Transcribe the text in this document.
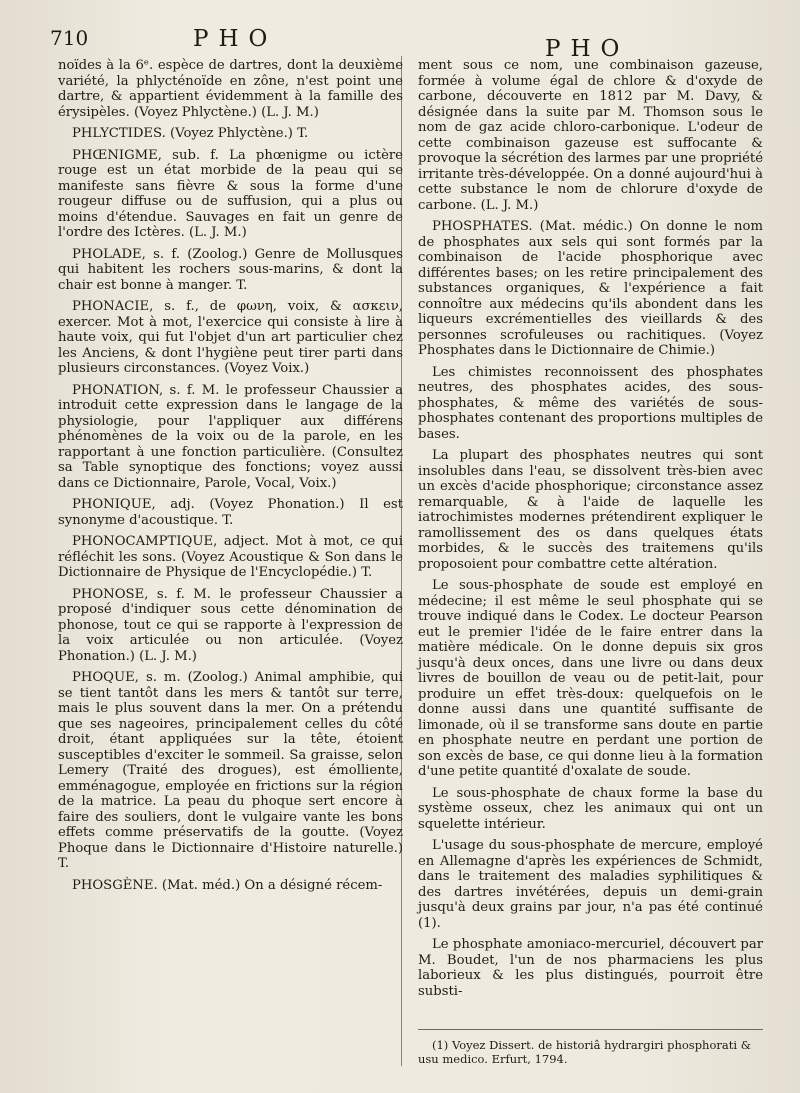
710	PHO	PHO

noïdes à la 6ᵉ. espèce de dartres, dont la deuxième variété, la phlycténoïde en zône, n'est point une dartre, & appartient évidemment à la famille des érysipèles. (Voyez Phlyctène.) (L. J. M.)

PHLYCTIDES. (Voyez Phlyctène.) T.

PHŒNIGME, sub. f. La phœnigme ou ictère rouge est un état morbide de la peau qui se manifeste sans fièvre & sous la forme d'une rougeur diffuse ou de suffusion, qui a plus ou moins d'étendue. Sauvages en fait un genre de l'ordre des Ictères. (L. J. M.)

PHOLADE, s. f. (Zoolog.) Genre de Mollusques qui habitent les rochers sous-marins, & dont la chair est bonne à manger. T.

PHONACIE, s. f., de φωνη, voix, & ασκειν, exercer. Mot à mot, l'exercice qui consiste à lire à haute voix, qui fut l'objet d'un art particulier chez les Anciens, & dont l'hygiène peut tirer parti dans plusieurs circonstances. (Voyez Voix.)

PHONATION, s. f. M. le professeur Chaussier a introduit cette expression dans le langage de la physiologie, pour l'appliquer aux différens phénomènes de la voix ou de la parole, en les rapportant à une fonction particulière. (Consultez sa Table synoptique des fonctions; voyez aussi dans ce Dictionnaire, Parole, Vocal, Voix.)

PHONIQUE, adj. (Voyez Phonation.) Il est synonyme d'acoustique. T.

PHONOCAMPTIQUE, adject. Mot à mot, ce qui réfléchit les sons. (Voyez Acoustique & Son dans le Dictionnaire de Physique de l'Encyclopédie.) T.

PHONOSE, s. f. M. le professeur Chaussier a proposé d'indiquer sous cette dénomination de phonose, tout ce qui se rapporte à l'expression de la voix articulée ou non articulée. (Voyez Phonation.) (L. J. M.)

PHOQUE, s. m. (Zoolog.) Animal amphibie, qui se tient tantôt dans les mers & tantôt sur terre, mais le plus souvent dans la mer. On a prétendu que ses nageoires, principalement celles du côté droit, étant appliquées sur la tête, étoient susceptibles d'exciter le sommeil. Sa graisse, selon Lemery (Traité des drogues), est émolliente, emménagogue, employée en frictions sur la région de la matrice. La peau du phoque sert encore à faire des souliers, dont le vulgaire vante les bons effets comme préservatifs de la goutte. (Voyez Phoque dans le Dictionnaire d'Histoire naturelle.) T.

PHOSGÈNE. (Mat. méd.) On a désigné récem-

ment sous ce nom, une combinaison gazeuse, formée à volume égal de chlore & d'oxyde de carbone, découverte en 1812 par M. Davy, & désignée dans la suite par M. Thomson sous le nom de gaz acide chloro-carbonique. L'odeur de cette combinaison gazeuse est suffocante & provoque la sécrétion des larmes par une propriété irritante très-développée. On a donné aujourd'hui à cette substance le nom de chlorure d'oxyde de carbone. (L. J. M.)

PHOSPHATES. (Mat. médic.) On donne le nom de phosphates aux sels qui sont formés par la combinaison de l'acide phosphorique avec différentes bases; on les retire principalement des substances organiques, & l'expérience a fait connoître aux médecins qu'ils abondent dans les liqueurs excrémentielles des vieillards & des personnes scrofuleuses ou rachitiques. (Voyez Phosphates dans le Dictionnaire de Chimie.)

Les chimistes reconnoissent des phosphates neutres, des phosphates acides, des sous-phosphates, & même des variétés de sous-phosphates contenant des proportions multiples de bases.

La plupart des phosphates neutres qui sont insolubles dans l'eau, se dissolvent très-bien avec un excès d'acide phosphorique; circonstance assez remarquable, & à l'aide de laquelle les iatrochimistes modernes prétendirent expliquer le ramollissement des os dans quelques états morbides, & le succès des traitemens qu'ils proposoient pour combattre cette altération.

Le sous-phosphate de soude est employé en médecine; il est même le seul phosphate qui se trouve indiqué dans le Codex. Le docteur Pearson eut le premier l'idée de le faire entrer dans la matière médicale. On le donne depuis six gros jusqu'à deux onces, dans une livre ou dans deux livres de bouillon de veau ou de petit-lait, pour produire un effet très-doux: quelquefois on le donne aussi dans une quantité suffisante de limonade, où il se transforme sans doute en partie en phosphate neutre en perdant une portion de son excès de base, ce qui donne lieu à la formation d'une petite quantité d'oxalate de soude.

Le sous-phosphate de chaux forme la base du système osseux, chez les animaux qui ont un squelette intérieur.

L'usage du sous-phosphate de mercure, employé en Allemagne d'après les expériences de Schmidt, dans le traitement des maladies syphilitiques & des dartres invétérées, depuis un demi-grain jusqu'à deux grains par jour, n'a pas été continué (1).

Le phosphate amoniaco-mercuriel, découvert par M. Boudet, l'un de nos pharmaciens les plus laborieux & les plus distingués, pourroit être substi-

(1) Voyez Dissert. de historiâ hydrargiri phosphorati & usu medico. Erfurt, 1794.
